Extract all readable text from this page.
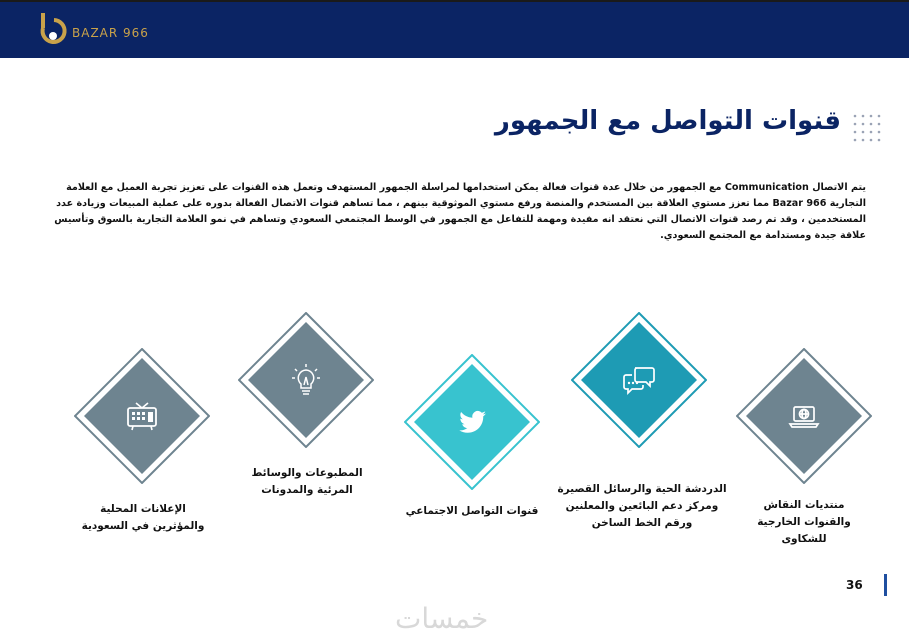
BAZAR 966
قنوات التواصل مع الجمهور

يتم الاتصال Communication مع الجمهور من خلال عدة قنوات فعالة يمكن استخدامها لمراسلة الجمهور المستهدف وتعمل هذه القنوات على تعزيز تجربة العميل مع العلامة التجارية Bazar 966 مما تعزز مستوي العلاقة بين المستخدم والمنصة ورفع مستوي الموثوقية بينهم ، مما تساهم قنوات الاتصال الفعالة بدوره على عملية المبيعات وزيادة عدد المستخدمين ، وقد تم رصد قنوات الاتصال التي نعتقد انه مفيدة ومهمة للتفاعل مع الجمهور في الوسط المجتمعي السعودي وتساهم في نمو العلامة التجارية بالسوق وتأسيس علاقة جيدة ومستدامة مع المجتمع السعودي.

الإعلانات المحلية
والمؤثرين في السعودية

المطبوعات والوسائط
المرئية والمدونات

قنوات التواصل الاجتماعي

الدردشة الحية والرسائل القصيرة
ومركز دعم البائعين والمعلنين
ورقم الخط الساخن

منتديات النقاش
والقنوات الخارجية
للشكاوى

36
خمسات
